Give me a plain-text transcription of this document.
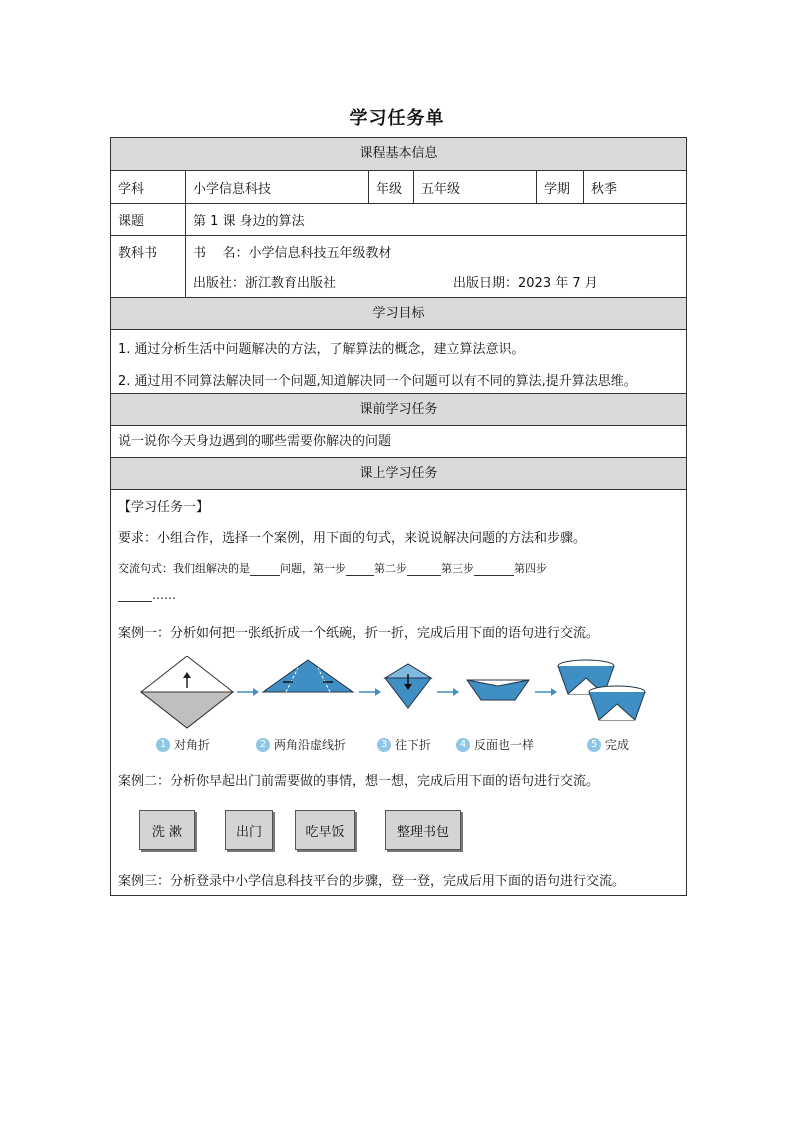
学习任务单
课程基本信息
学科	小学信息科技	年级	五年级	学期	秋季
课题	第 1 课 身边的算法
教科书	书    名：小学信息科技五年级教材
出版社：浙江教育出版社	出版日期：2023 年 7 月
学习目标
1. 通过分析生活中问题解决的方法，了解算法的概念，建立算法意识。
2. 通过用不同算法解决同一个问题,知道解决同一个问题可以有不同的算法,提升算法思维。
课前学习任务
说一说你今天身边遇到的哪些需要你解决的问题
课上学习任务
【学习任务一】
要求：小组合作，选择一个案例，用下面的句式，来说说解决问题的方法和步骤。
交流句式：我们组解决的是	问题，第一步	第二步	第三步	第四步
……
案例一：分析如何把一张纸折成一个纸碗，折一折，完成后用下面的语句进行交流。
1 对角折	2 两角沿虚线折	3 往下折	4 反面也一样	5 完成
案例二：分析你早起出门前需要做的事情，想一想，完成后用下面的语句进行交流。
洗 漱	出门	吃早饭	整理书包
案例三：分析登录中小学信息科技平台的步骤，登一登，完成后用下面的语句进行交流。
